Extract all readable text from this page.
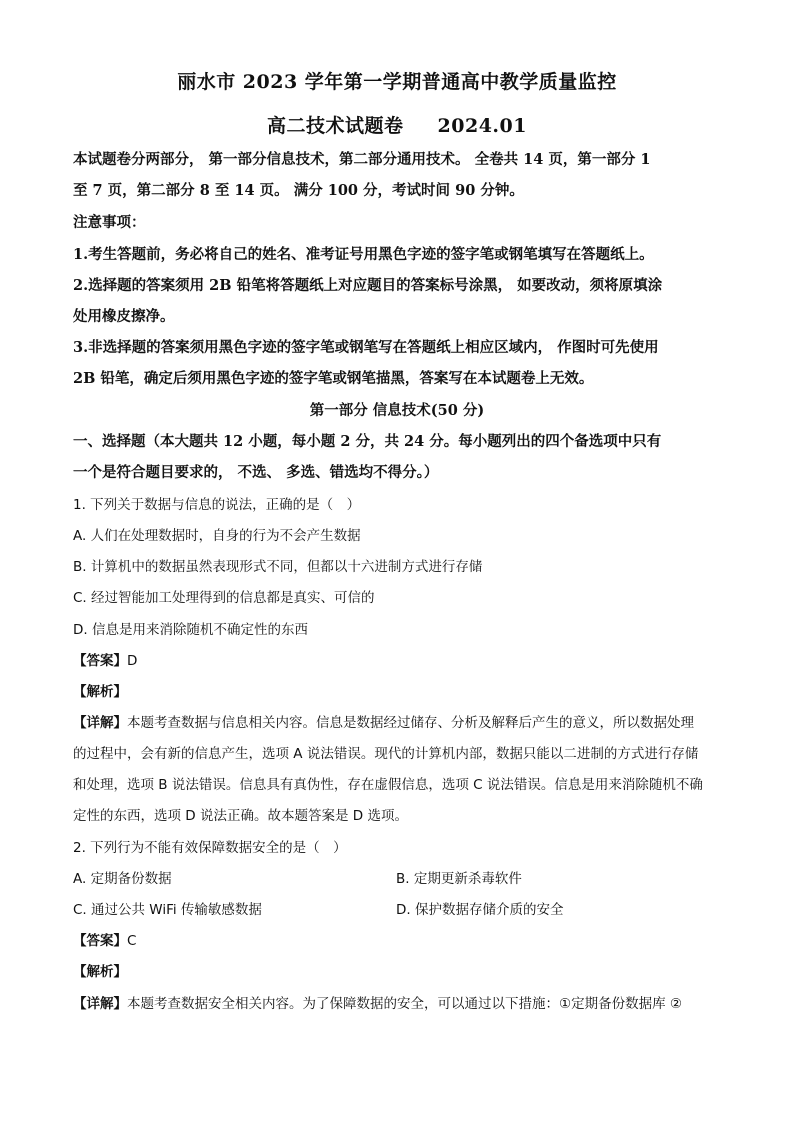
丽水市 2023 学年第一学期普通高中教学质量监控
高二技术试题卷 2024.01
本试题卷分两部分， 第一部分信息技术，第二部分通用技术。 全卷共 14 页，第一部分 1
至 7 页，第二部分 8 至 14 页。 满分 100 分，考试时间 90 分钟。
注意事项：
1.考生答题前，务必将自己的姓名、准考证号用黑色字迹的签字笔或钢笔填写在答题纸上。
2.选择题的答案须用 2B 铅笔将答题纸上对应题目的答案标号涂黑， 如要改动，须将原填涂
处用橡皮擦净。
3.非选择题的答案须用黑色字迹的签字笔或钢笔写在答题纸上相应区域内， 作图时可先使用
2B 铅笔，确定后须用黑色字迹的签字笔或钢笔描黑，答案写在本试题卷上无效。
第一部分 信息技术(50 分)
一、选择题（本大题共 12 小题，每小题 2 分，共 24 分。每小题列出的四个备选项中只有
一个是符合题目要求的， 不选、 多选、错选均不得分。）
1. 下列关于数据与信息的说法，正确的是（　）
A. 人们在处理数据时，自身的行为不会产生数据
B. 计算机中的数据虽然表现形式不同，但都以十六进制方式进行存储
C. 经过智能加工处理得到的信息都是真实、可信的
D. 信息是用来消除随机不确定性的东西
【答案】D
【解析】
【详解】本题考查数据与信息相关内容。信息是数据经过储存、分析及解释后产生的意义，所以数据处理
的过程中，会有新的信息产生，选项 A 说法错误。现代的计算机内部，数据只能以二进制的方式进行存储
和处理，选项 B 说法错误。信息具有真伪性，存在虚假信息，选项 C 说法错误。信息是用来消除随机不确
定性的东西，选项 D 说法正确。故本题答案是 D 选项。
2. 下列行为不能有效保障数据安全的是（　）
A. 定期备份数据	B. 定期更新杀毒软件
C. 通过公共 WiFi 传输敏感数据	D. 保护数据存储介质的安全
【答案】C
【解析】
【详解】本题考查数据安全相关内容。为了保障数据的安全，可以通过以下措施：①定期备份数据库 ②
